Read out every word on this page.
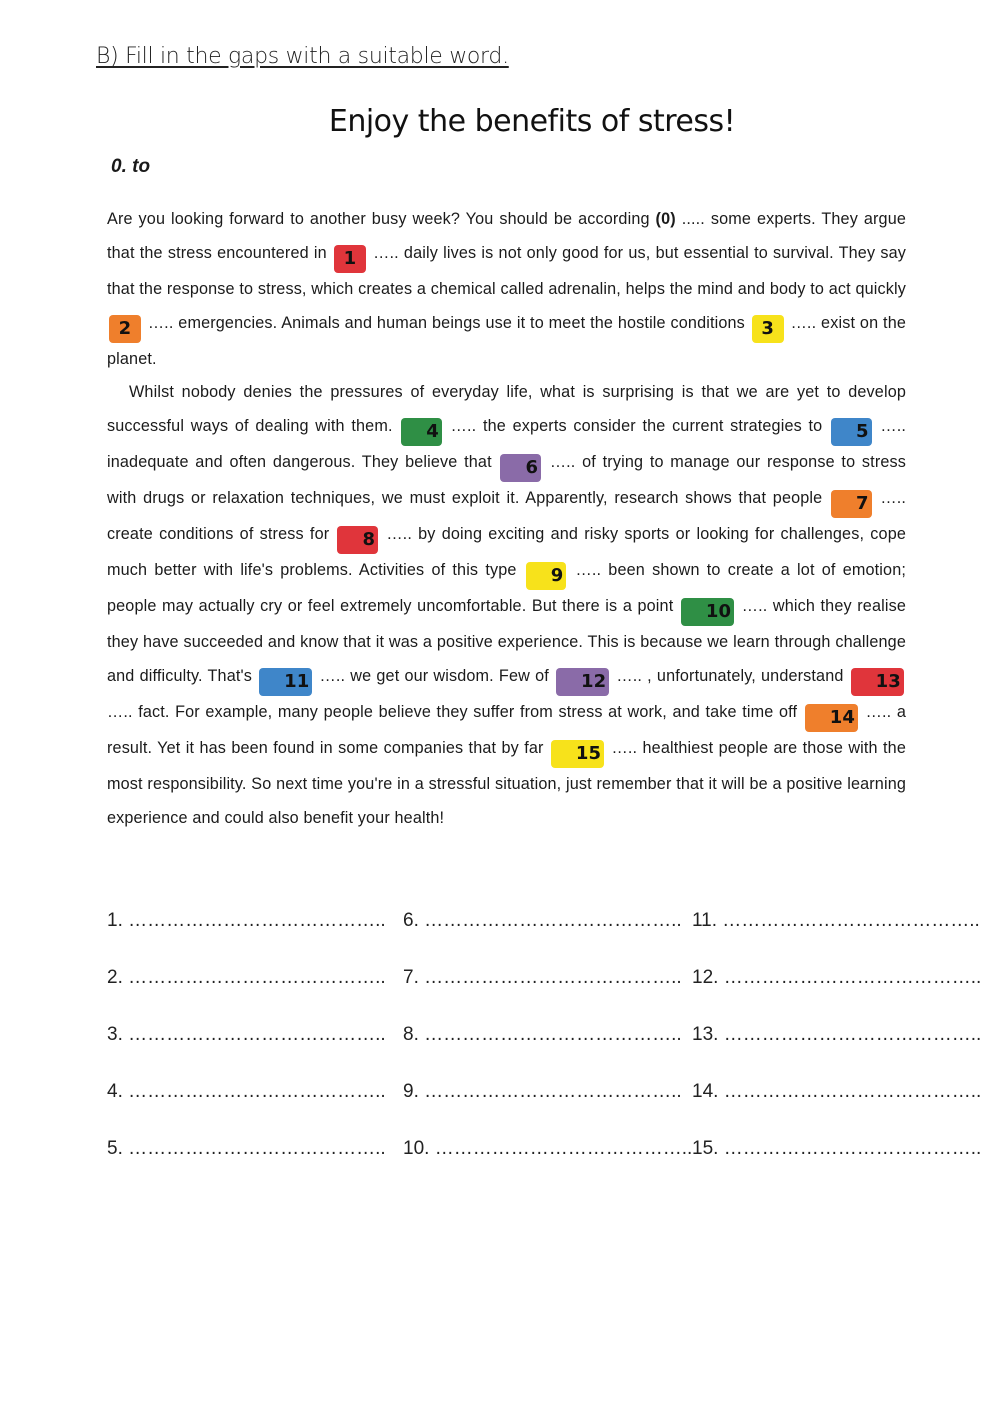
B) Fill in the gaps with a suitable word.
Enjoy the benefits of stress!
0. to

Are you looking forward to another busy week? You should be according (0) ..... some experts. They argue that the stress encountered in 1 ….. daily lives is not only good for us, but essential to survival. They say that the response to stress, which creates a chemical called adrenalin, helps the mind and body to act quickly 2 ….. emergencies. Animals and human beings use it to meet the hostile conditions 3 ….. exist on the planet.

Whilst nobody denies the pressures of everyday life, what is surprising is that we are yet to develop successful ways of dealing with them. 4 ….. the experts consider the current strategies to 5 ….. inadequate and often dangerous. They believe that 6 ….. of trying to manage our response to stress with drugs or relaxation techniques, we must exploit it. Apparently, research shows that people 7 ….. create conditions of stress for 8 ….. by doing exciting and risky sports or looking for challenges, cope much better with life's problems. Activities of this type 9 ….. been shown to create a lot of emotion; people may actually cry or feel extremely uncomfortable. But there is a point 10 ….. which they realise they have succeeded and know that it was a positive experience. This is because we learn through challenge and difficulty. That's 11 ….. we get our wisdom. Few of 12 ….. , unfortunately, understand 13 ….. fact. For example, many people believe they suffer from stress at work, and take time off 14 ….. a result. Yet it has been found in some companies that by far 15 ….. healthiest people are those with the most responsibility. So next time you're in a stressful situation, just remember that it will be a positive learning experience and could also benefit your health!

1. ………………………………….. 6. ………………………………….. 11. …………………………………..
2. ………………………………….. 7. ………………………………….. 12. …………………………………..
3. ………………………………….. 8. ………………………………….. 13. …………………………………..
4. ………………………………….. 9. ………………………………….. 14. …………………………………..
5. ………………………………….. 10. ………………………………….. 15. …………………………………..
